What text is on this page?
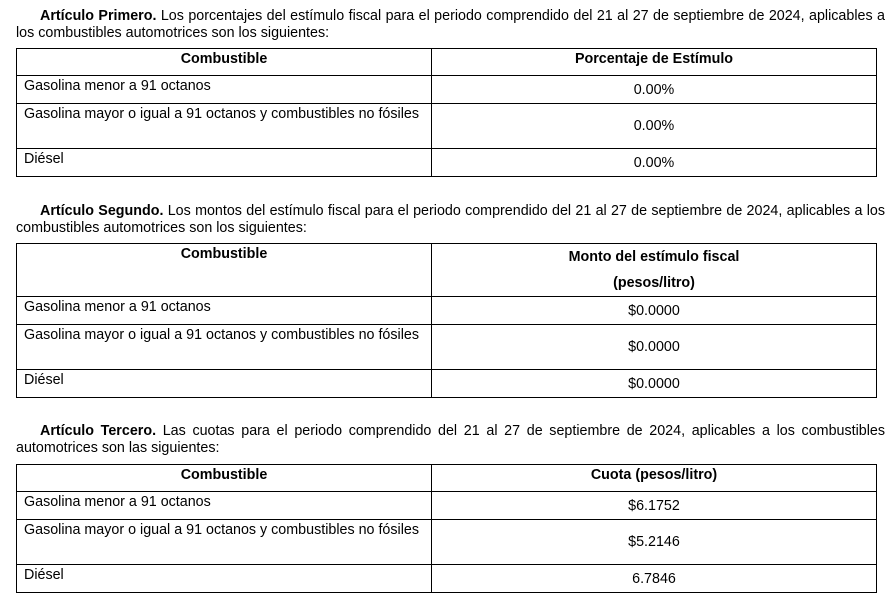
Artículo Primero. Los porcentajes del estímulo fiscal para el periodo comprendido del 21 al 27 de septiembre de 2024, aplicables a los combustibles automotrices son los siguientes:
Combustible	Porcentaje de Estímulo
Gasolina menor a 91 octanos	0.00%
Gasolina mayor o igual a 91 octanos y combustibles no fósiles	0.00%
Diésel	0.00%
Artículo Segundo. Los montos del estímulo fiscal para el periodo comprendido del 21 al 27 de septiembre de 2024, aplicables a los combustibles automotrices son los siguientes:
Combustible	Monto del estímulo fiscal
(pesos/litro)

Gasolina menor a 91 octanos	$0.0000
Gasolina mayor o igual a 91 octanos y combustibles no fósiles	$0.0000
Diésel	$0.0000
Artículo Tercero. Las cuotas para el periodo comprendido del 21 al 27 de septiembre de 2024, aplicables a los combustibles automotrices son las siguientes:
Combustible	Cuota (pesos/litro)
Gasolina menor a 91 octanos	$6.1752
Gasolina mayor o igual a 91 octanos y combustibles no fósiles	$5.2146
Diésel	6.7846
